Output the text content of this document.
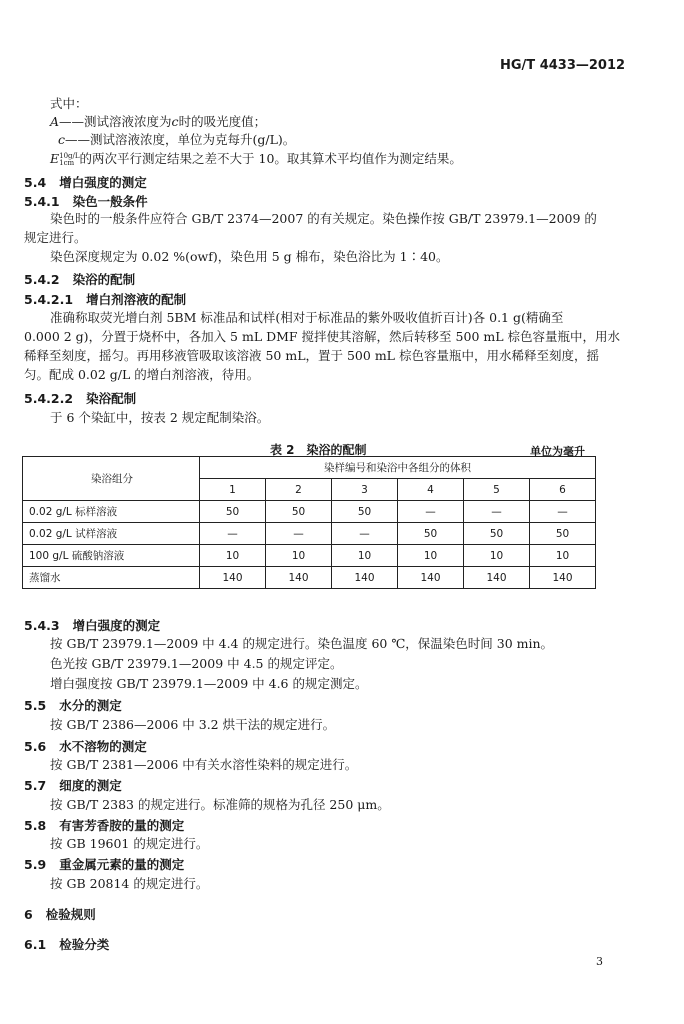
HG/T 4433—2012
式中：
A——测试溶液浓度为c时的吸光度值；
c——测试溶液浓度，单位为克每升(g/L)。
E 10g/L
1cm 的两次平行测定结果之差不大于 10。取其算术平均值作为测定结果。
5.4 增白强度的测定
5.4.1 染色一般条件
染色时的一般条件应符合 GB/T 2374—2007 的有关规定。染色操作按 GB/T 23979.1—2009 的
规定进行。
染色深度规定为 0.02 %(owf)，染色用 5 g 棉布，染色浴比为 1∶40。
5.4.2 染浴的配制
5.4.2.1 增白剂溶液的配制
准确称取荧光增白剂 5BM 标准品和试样(相对于标准品的紫外吸收值折百计)各 0.1 g(精确至
0.000 2 g)，分置于烧杯中，各加入 5 mL DMF 搅拌使其溶解，然后转移至 500 mL 棕色容量瓶中，用水
稀释至刻度，摇匀。再用移液管吸取该溶液 50 mL，置于 500 mL 棕色容量瓶中，用水稀释至刻度，摇
匀。配成 0.02 g/L 的增白剂溶液，待用。
5.4.2.2 染浴配制
于 6 个染缸中，按表 2 规定配制染浴。
表 2　染浴的配制	单位为毫升
染浴组分	染样编号和染浴中各组分的体积					
	1	2	3	4	5	6
0.02 g/L 标样溶液	50	50	50	—	—	—
0.02 g/L 试样溶液	—	—	—	50	50	50
100 g/L 硫酸钠溶液	10	10	10	10	10	10
蒸馏水	140	140	140	140	140	140
5.4.3 增白强度的测定
按 GB/T 23979.1—2009 中 4.4 的规定进行。染色温度 60 ℃，保温染色时间 30 min。
色光按 GB/T 23979.1—2009 中 4.5 的规定评定。
增白强度按 GB/T 23979.1—2009 中 4.6 的规定测定。
5.5 水分的测定
按 GB/T 2386—2006 中 3.2 烘干法的规定进行。
5.6 水不溶物的测定
按 GB/T 2381—2006 中有关水溶性染料的规定进行。
5.7 细度的测定
按 GB/T 2383 的规定进行。标准筛的规格为孔径 250 μm。
5.8 有害芳香胺的量的测定
按 GB 19601 的规定进行。
5.9 重金属元素的量的测定
按 GB 20814 的规定进行。
6 检验规则
6.1 检验分类
3
